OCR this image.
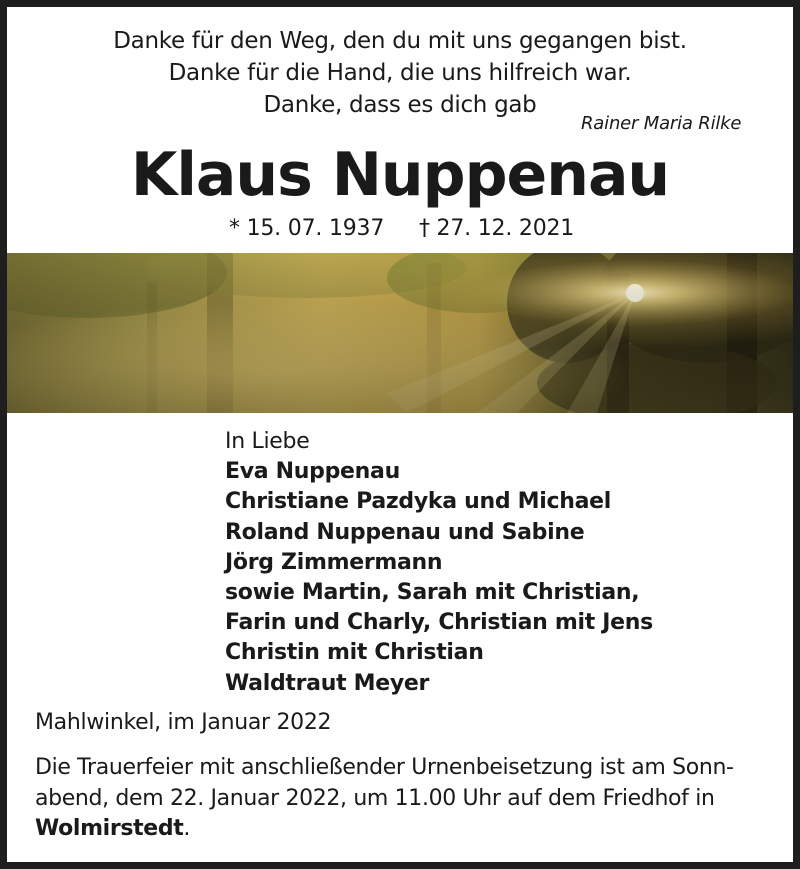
Danke für den Weg, den du mit uns gegangen bist.
Danke für die Hand, die uns hilfreich war.
Danke, dass es dich gab
Rainer Maria Rilke
Klaus Nuppenau
* 15. 07. 1937 † 27. 12. 2021
In Liebe
Eva Nuppenau
Christiane Pazdyka und Michael
Roland Nuppenau und Sabine
Jörg Zimmermann
sowie Martin, Sarah mit Christian,
Farin und Charly, Christian mit Jens
Christin mit Christian
Waldtraut Meyer
Mahlwinkel, im Januar 2022
Die Trauerfeier mit anschließender Urnenbeisetzung ist am Sonn-
abend, dem 22. Januar 2022, um 11.00 Uhr auf dem Friedhof in
Wolmirstedt.
